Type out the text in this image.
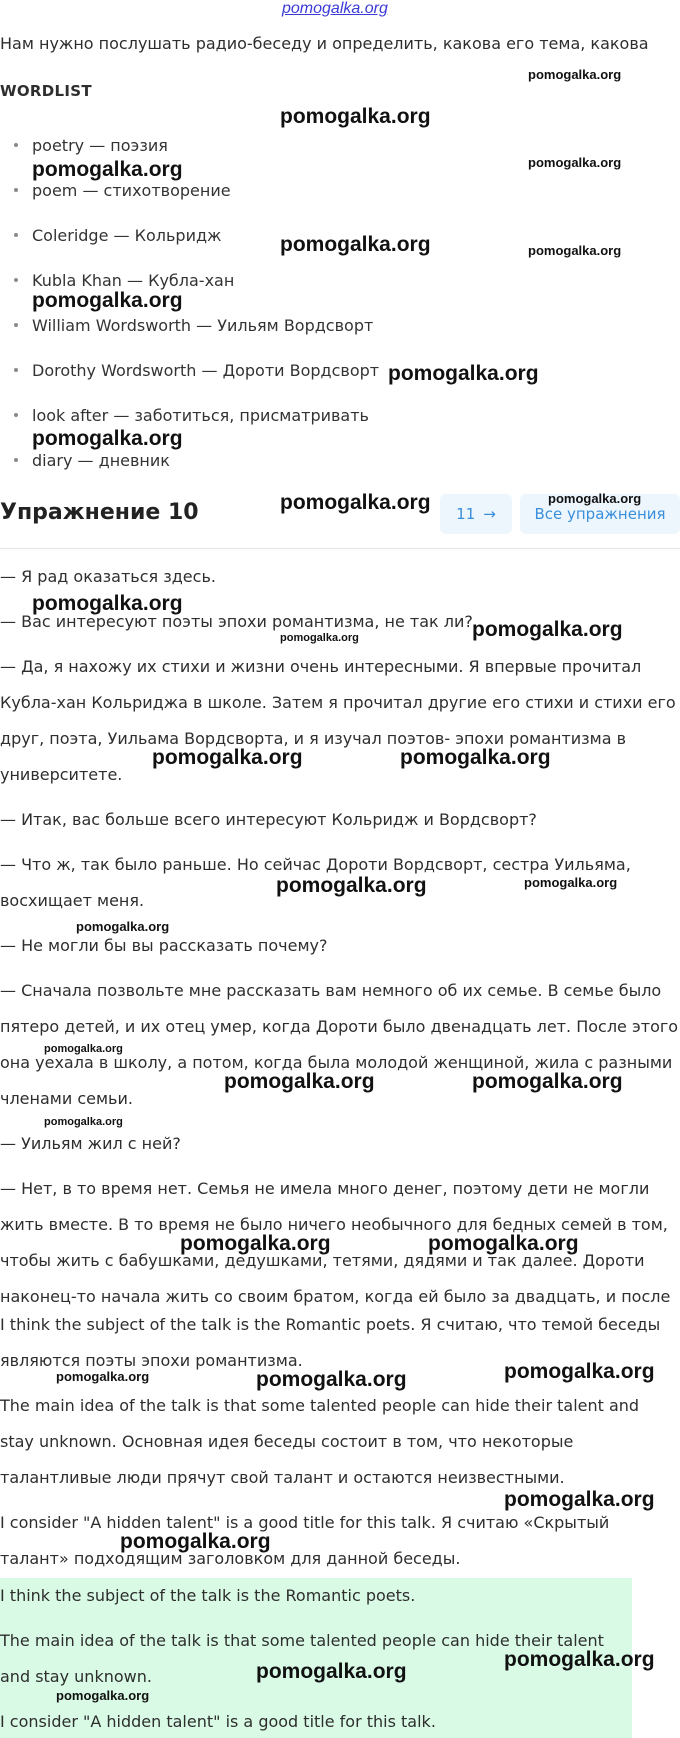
pomogalka.org

Нам нужно послушать радио-беседу и определить, какова его тема, какова

WORDLIST
poetry — поэзия
poem — стихотворение
Coleridge — Кольридж
Kubla Khan — Кубла-хан
William Wordsworth — Уильям Вордсворт
Dorothy Wordsworth — Дороти Вордсворт
look after — заботиться, присматривать
diary — дневник
Упражнение 10	11 →	Все упражнения

— Я рад оказаться здесь.

— Вас интересуют поэты эпохи романтизма, не так ли?

— Да, я нахожу их стихи и жизни очень интересными. Я впервые прочитал

Кубла-хан Кольриджа в школе. Затем я прочитал другие его стихи и стихи его

друг, поэта, Уильама Вордсворта, и я изучал поэтов- эпохи романтизма в

университете.

— Итак, вас больше всего интересуют Кольридж и Вордсворт?

— Что ж, так было раньше. Но сейчас Дороти Вордсворт, сестра Уильяма,

восхищает меня.

— Не могли бы вы рассказать почему?

— Сначала позвольте мне рассказать вам немного об их семье. В семье было

пятеро детей, и их отец умер, когда Дороти было двенадцать лет. После этого

она уехала в школу, а потом, когда была молодой женщиной, жила с разными

членами семьи.

— Уильям жил с ней?

— Нет, в то время нет. Семья не имела много денег, поэтому дети не могли

жить вместе. В то время не было ничего необычного для бедных семей в том,

чтобы жить с бабушками, дедушками, тетями, дядями и так далее. Дороти

наконец-то начала жить со своим братом, когда ей было за двадцать, и после

I think the subject of the talk is the Romantic poets. Я считаю, что темой беседы

являются поэты эпохи романтизма.

The main idea of the talk is that some talented people can hide their talent and

stay unknown. Основная идея беседы состоит в том, что некоторые

талантливые люди прячут свой талант и остаются неизвестными.

I consider "A hidden talent" is a good title for this talk. Я считаю «Скрытый

талант» подходящим заголовком для данной беседы.

I think the subject of the talk is the Romantic poets.

The main idea of the talk is that some talented people can hide their talent

and stay unknown.

I consider "A hidden talent" is a good title for this talk.

pomogalka.org
pomogalka.org
pomogalka.org	pomogalka.org
pomogalka.org	pomogalka.org
pomogalka.org
pomogalka.org
pomogalka.org
pomogalka.org
pomogalka.org
pomogalka.org
pomogalka.org
pomogalka.org
pomogalka.org	pomogalka.org
pomogalka.org	pomogalka.org
pomogalka.org
pomogalka.org
pomogalka.org	pomogalka.org
pomogalka.org
pomogalka.org	pomogalka.org
pomogalka.org	pomogalka.org	pomogalka.org
pomogalka.org
pomogalka.org
pomogalka.org
pomogalka.org
pomogalka.org
